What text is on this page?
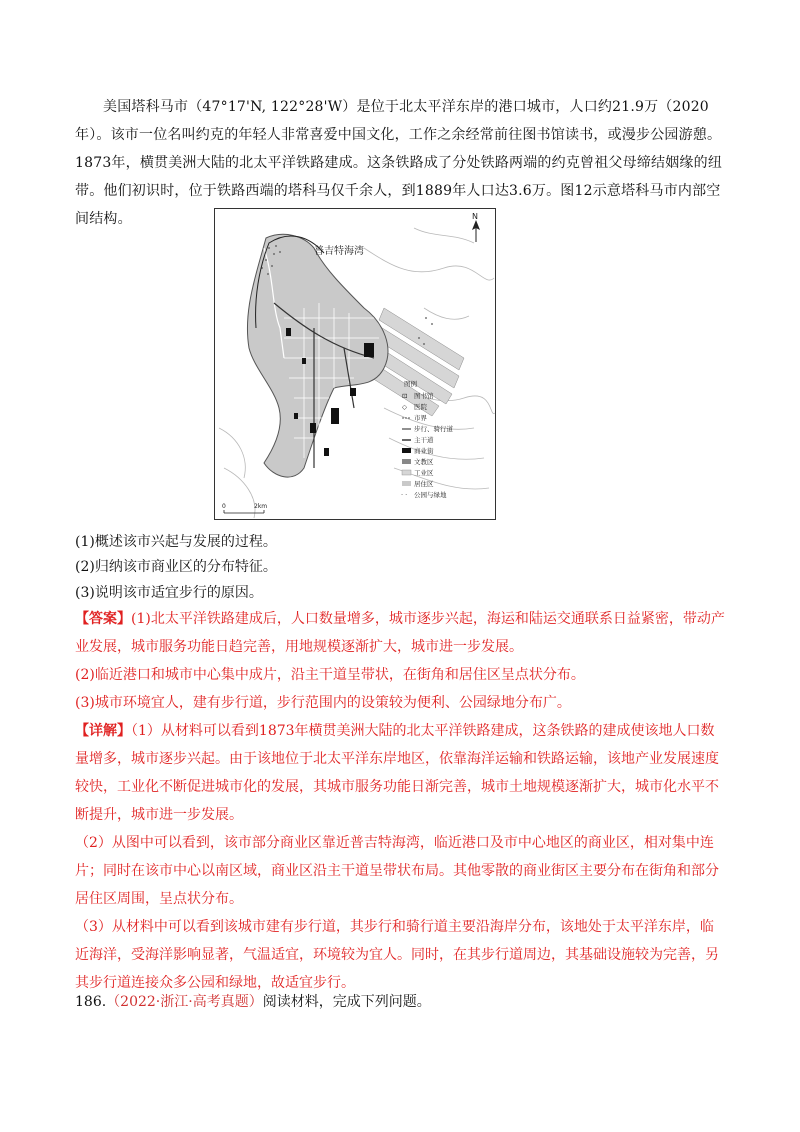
美国塔科马市（47°17'N, 122°28'W）是位于北太平洋东岸的港口城市，人口约21.9万（2020年）。该市一位名叫约克的年轻人非常喜爱中国文化，工作之余经常前往图书馆读书，或漫步公园游憩。1873年，横贯美洲大陆的北太平洋铁路建成。这条铁路成了分处铁路两端的约克曾祖父母缔结姻缘的纽带。他们初识时，位于铁路西端的塔科马仅千余人，到1889年人口达3.6万。图12示意塔科马市内部空间结构。

普吉特海湾
N
图例
⊡ 图书馆
◇ 医院
市界
步行、骑行道
主干道
商业街
文教区
工业区
居住区
· · 公园与绿地
0	2km

(1)概述该市兴起与发展的过程。

(2)归纳该市商业区的分布特征。

(3)说明该市适宜步行的原因。

【答案】(1)北太平洋铁路建成后，人口数量增多，城市逐步兴起，海运和陆运交通联系日益紧密，带动产业发展，城市服务功能日趋完善，用地规模逐渐扩大，城市进一步发展。

(2)临近港口和城市中心集中成片，沿主干道呈带状，在街角和居住区呈点状分布。

(3)城市环境宜人，建有步行道，步行范围内的设策较为便利、公园绿地分布广。

【详解】（1）从材料可以看到1873年横贯美洲大陆的北太平洋铁路建成，这条铁路的建成使该地人口数量增多，城市逐步兴起。由于该地位于北太平洋东岸地区，依靠海洋运输和铁路运输，该地产业发展速度较快，工业化不断促进城市化的发展，其城市服务功能日渐完善，城市土地规模逐渐扩大，城市化水平不断提升，城市进一步发展。

（2）从图中可以看到，该市部分商业区靠近普吉特海湾，临近港口及市中心地区的商业区，相对集中连片；同时在该市中心以南区域，商业区沿主干道呈带状布局。其他零散的商业街区主要分布在街角和部分居住区周围，呈点状分布。

（3）从材料中可以看到该城市建有步行道，其步行和骑行道主要沿海岸分布，该地处于太平洋东岸，临近海洋，受海洋影响显著，气温适宜，环境较为宜人。同时，在其步行道周边，其基础设施较为完善，另其步行道连接众多公园和绿地，故适宜步行。

186.（2022·浙江·高考真题）阅读材料，完成下列问题。
